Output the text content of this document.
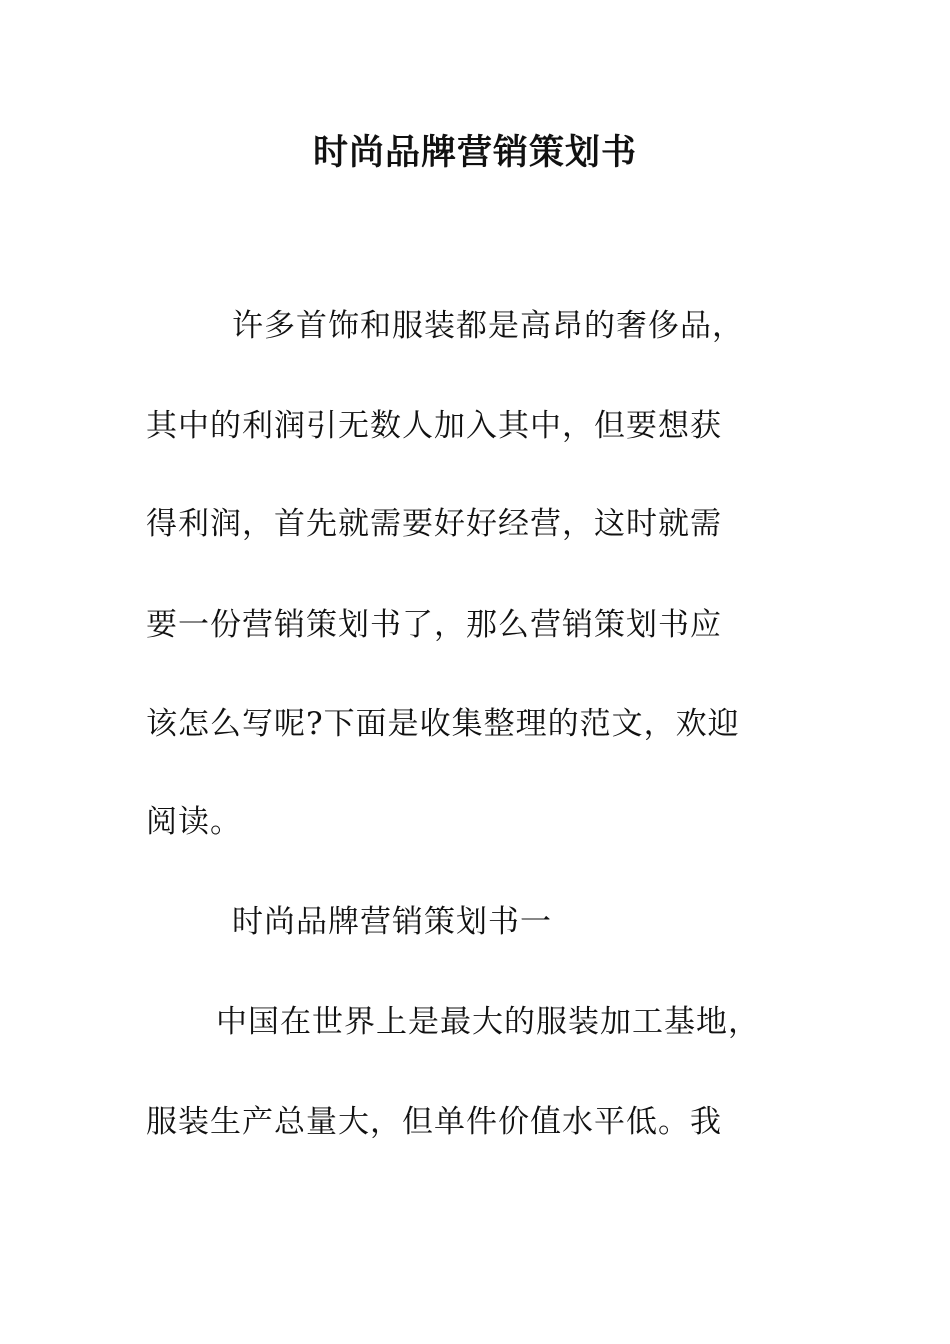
时尚品牌营销策划书
许多首饰和服装都是高昂的奢侈品，
其中的利润引无数人加入其中，但要想获
得利润，首先就需要好好经营，这时就需
要一份营销策划书了，那么营销策划书应
该怎么写呢?下面是收集整理的范文，欢迎
阅读。
时尚品牌营销策划书一
中国在世界上是最大的服装加工基地，
服装生产总量大，但单件价值水平低。我
